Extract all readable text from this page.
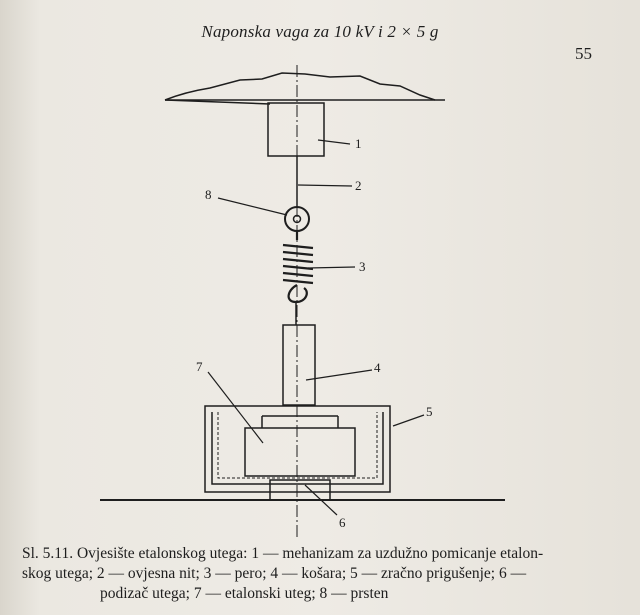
Naponska vaga za 10 kV i 2 × 5 g
55
1
2
3
4
5
6
7
8
Sl. 5.11. Ovjesište etalonskog utega: 1 — mehanizam za uzdužno pomicanje etalon-
skog utega; 2 — ovjesna nit; 3 — pero; 4 — košara; 5 — zračno prigušenje; 6 —
podizač utega; 7 — etalonski uteg; 8 — prsten
